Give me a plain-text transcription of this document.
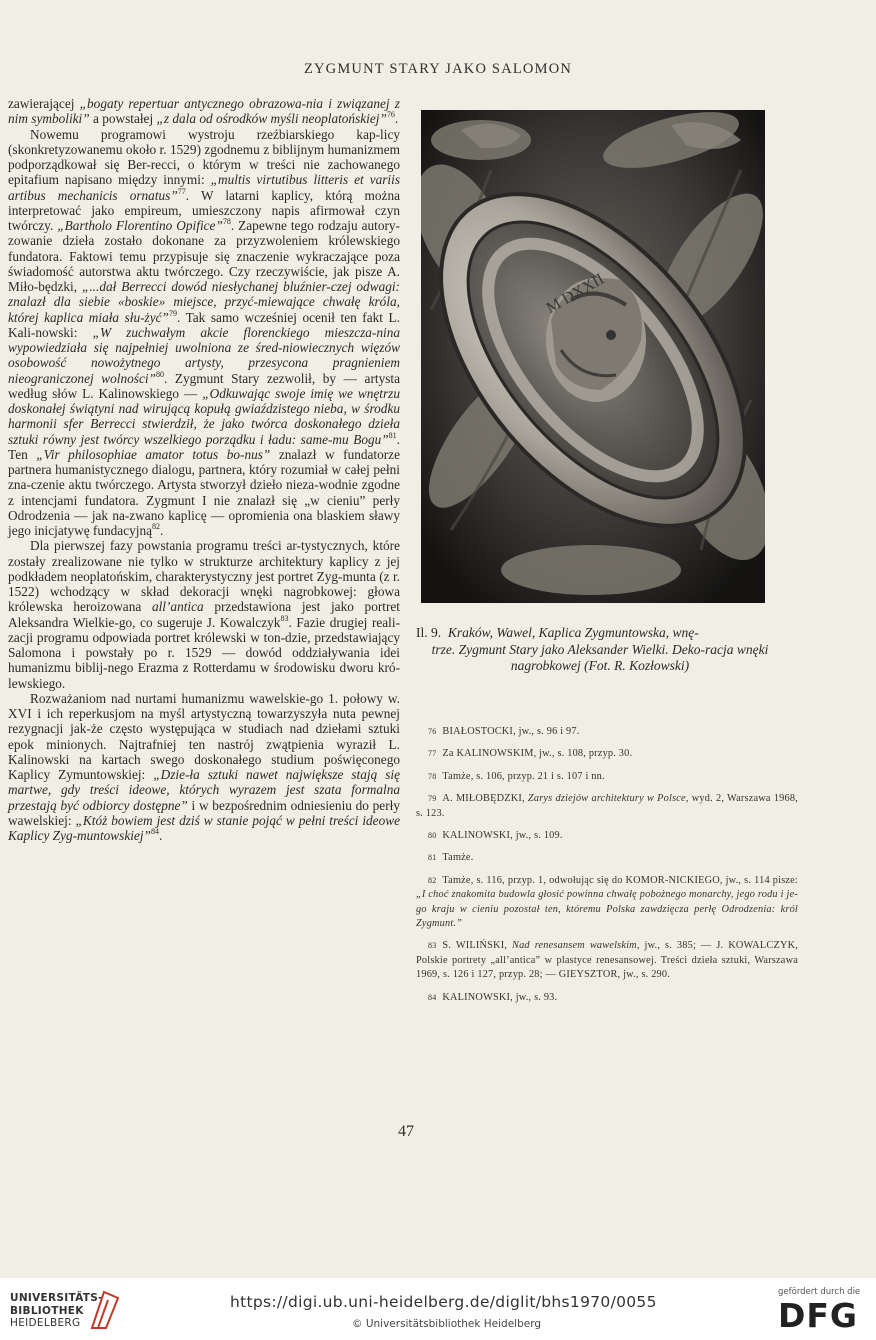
ZYGMUNT STARY JAKO SALOMON

zawierającej „bogaty repertuar antycznego obrazowa-nia i związanej z nim symboliki” a powstałej „z dala od ośrodków myśli neoplatońskiej”$^{76}$.

Nowemu programowi wystroju rzeźbiarskiego kap-licy (skonkretyzowanemu około r. 1529) zgodnemu z biblijnym humanizmem podporządkował się Ber-recci, o którym w treści nie zachowanego epitafium napisano między innymi: „multis virtutibus litteris et variis artibus mechanicis ornatus”$^{77}$. W latarni kaplicy, którą można interpretować jako empireum, umieszczony napis afirmował czyn twórczy. „Bartholo Florentino Opifice”$^{78}$. Zapewne tego rodzaju autory-zowanie dzieła zostało dokonane za przyzwoleniem królewskiego fundatora. Faktowi temu przypisuje się znaczenie wykraczające poza świadomość autorstwa aktu twórczego. Czy rzeczywiście, jak pisze A. Miło-będzki, „...dał Berrecci dowód niesłychanej bluźnier-czej odwagi: znalazł dla siebie «boskie» miejsce, przyć-miewające chwałę króla, której kaplica miała słu-żyć”$^{79}$. Tak samo wcześniej ocenił ten fakt L. Kali-nowski: „W zuchwałym akcie florenckiego mieszcza-nina wypowiedziała się najpełniej uwolniona ze śred-niowiecznych więzów osobowość nowożytnego artysty, przesycona pragnieniem nieograniczonej wolności”$^{80}$. Zygmunt Stary zezwolił, by — artysta według słów L. Kalinowskiego — „Odkuwając swoje imię we wnętrzu doskonałej świątyni nad wirującą kopułą gwiaździstego nieba, w środku harmonii sfer Berrecci stwierdził, że jako twórca doskonałego dzieła sztuki równy jest twórcy wszelkiego porządku i ładu: same-mu Bogu”$^{81}$. Ten „Vir philosophiae amator totus bo-nus” znalazł w fundatorze partnera humanistycznego dialogu, partnera, który rozumiał w całej pełni zna-czenie aktu twórczego. Artysta stworzył dzieło nieza-wodnie zgodne z intencjami fundatora. Zygmunt I nie znalazł się „w cieniu” perły Odrodzenia — jak na-zwano kaplicę — opromienia ona blaskiem sławy jego inicjatywę fundacyjną$^{82}$.

Dla pierwszej fazy powstania programu treści ar-tystycznych, które zostały zrealizowane nie tylko w strukturze architektury kaplicy z jej podkładem neoplatońskim, charakterystyczny jest portret Zyg-munta (z r. 1522) wchodzący w skład dekoracji wnęki nagrobkowej: głowa królewska heroizowana all’antica przedstawiona jest jako portret Aleksandra Wielkie-go, co sugeruje J. Kowalczyk$^{83}$. Fazie drugiej reali-zacji programu odpowiada portret królewski w ton-dzie, przedstawiający Salomona i powstały po r. 1529 — dowód oddziaływania idei humanizmu biblij-nego Erazma z Rotterdamu w środowisku dworu kró-lewskiego.

Rozważaniom nad nurtami humanizmu wawelskie-go 1. połowy w. XVI i ich reperkusjom na myśl artystyczną towarzyszyła nuta pewnej rezygnacji jak-że często występująca w studiach nad dziełami sztuki epok minionych. Najtrafniej ten nastrój zwątpienia wyraził L. Kalinowski na kartach swego doskonałego studium poświęconego Kaplicy Zymuntowskiej: „Dzie-ła sztuki nawet największe stają się martwe, gdy treści ideowe, których wyrazem jest szata formalna przestają być odbiorcy dostępne” i w bezpośrednim odniesieniu do perły wawelskiej: „Któż bowiem jest dziś w stanie pojąć w pełni treści ideowe Kaplicy Zyg-muntowskiej”$^{84}$.

M DXXII
Il. 9. Kraków, Wawel, Kaplica Zygmuntowska, wnę-
trze. Zygmunt Stary jako Aleksander Wielki. Deko-racja wnęki nagrobkowej (Fot. R. Kozłowski)

76 BIAŁOSTOCKI, jw., s. 96 i 97.

77 Za KALINOWSKIM, jw., s. 108, przyp. 30.

78 Tamże, s. 106, przyp. 21 i s. 107 i nn.

79 A. MIŁOBĘDZKI, Zarys dziejów architektury w Polsce, wyd. 2, Warszawa 1968, s. 123.

80 KALINOWSKI, jw., s. 109.

81 Tamże.

82 Tamże, s. 116, przyp. 1, odwołując się do KOMOR-NICKIEGO, jw., s. 114 pisze: „I choć znakomita budowla głosić powinna chwałę pobożnego monarchy, jego rodu i je-go kraju w cieniu pozostał ten, któremu Polska zawdzięcza perłę Odrodzenia: król Zygmunt.”

83 S. WILIŃSKI, Nad renesansem wawelskim, jw., s. 385; — J. KOWALCZYK, Polskie portrety „all’antica” w plastyce renesansowej. Treści dzieła sztuki, Warszawa 1969, s. 126 i 127, przyp. 28; — GIEYSZTOR, jw., s. 290.

84 KALINOWSKI, jw., s. 93.

47
UNIVERSITÄTS-
BIBLIOTHEK
HEIDELBERG
https://digi.ub.uni-heidelberg.de/diglit/bhs1970/0055
© Universitätsbibliothek Heidelberg
gefördert durch die
DFG
